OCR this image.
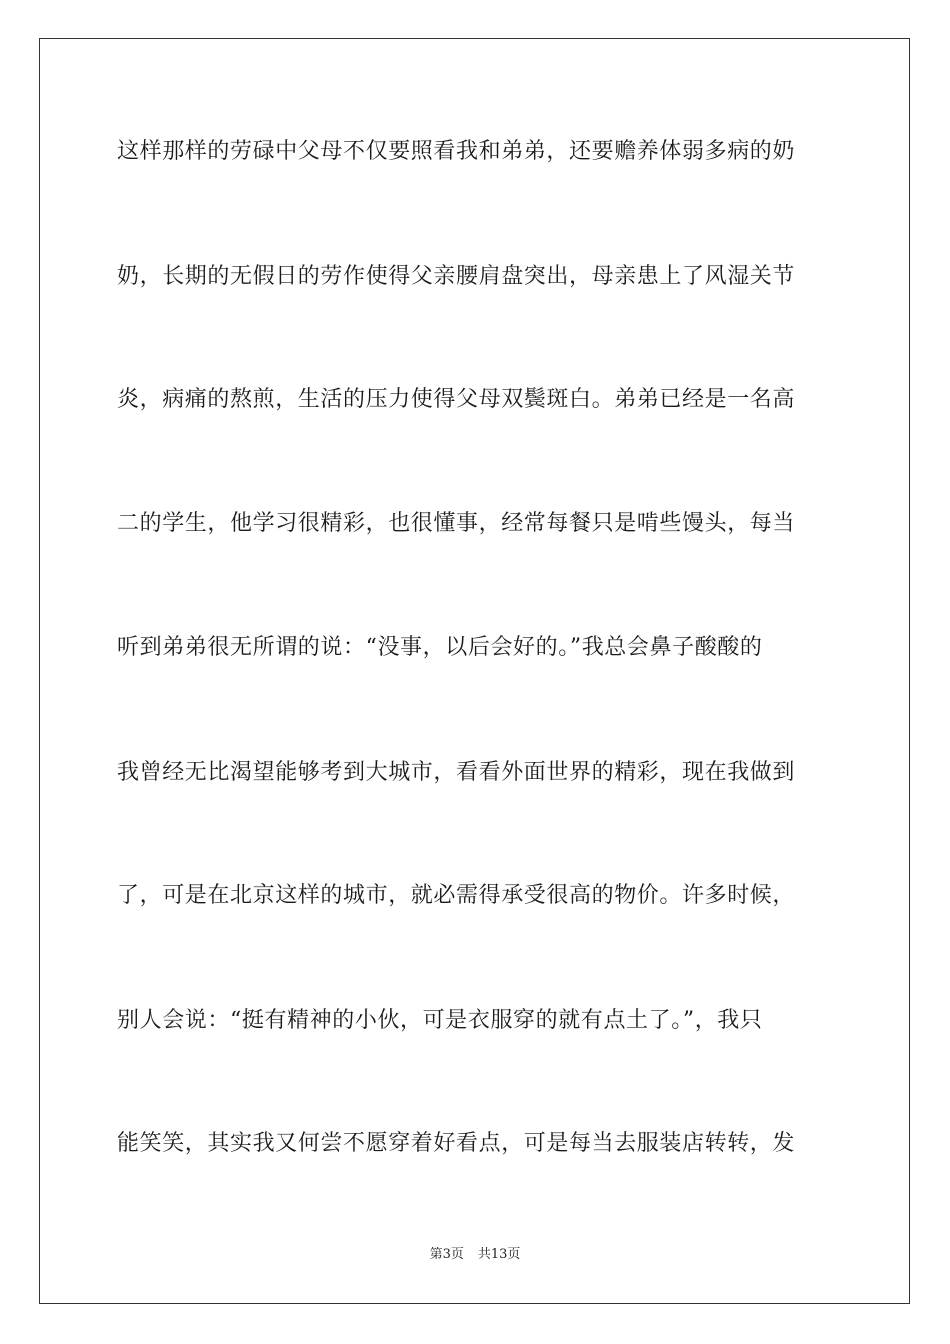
这样那样的劳碌中父母不仅要照看我和弟弟，还要赡养体弱多病的奶
奶，长期的无假日的劳作使得父亲腰肩盘突出，母亲患上了风湿关节
炎，病痛的熬煎，生活的压力使得父母双鬓斑白。弟弟已经是一名高
二的学生，他学习很精彩，也很懂事，经常每餐只是啃些馒头，每当
听到弟弟很无所谓的说：“没事，以后会好的。”我总会鼻子酸酸的
我曾经无比渴望能够考到大城市，看看外面世界的精彩，现在我做到
了，可是在北京这样的城市，就必需得承受很高的物价。许多时候，
别人会说：“挺有精神的小伙，可是衣服穿的就有点土了。”，我只
能笑笑，其实我又何尝不愿穿着好看点，可是每当去服装店转转，发
第3页 共13页
